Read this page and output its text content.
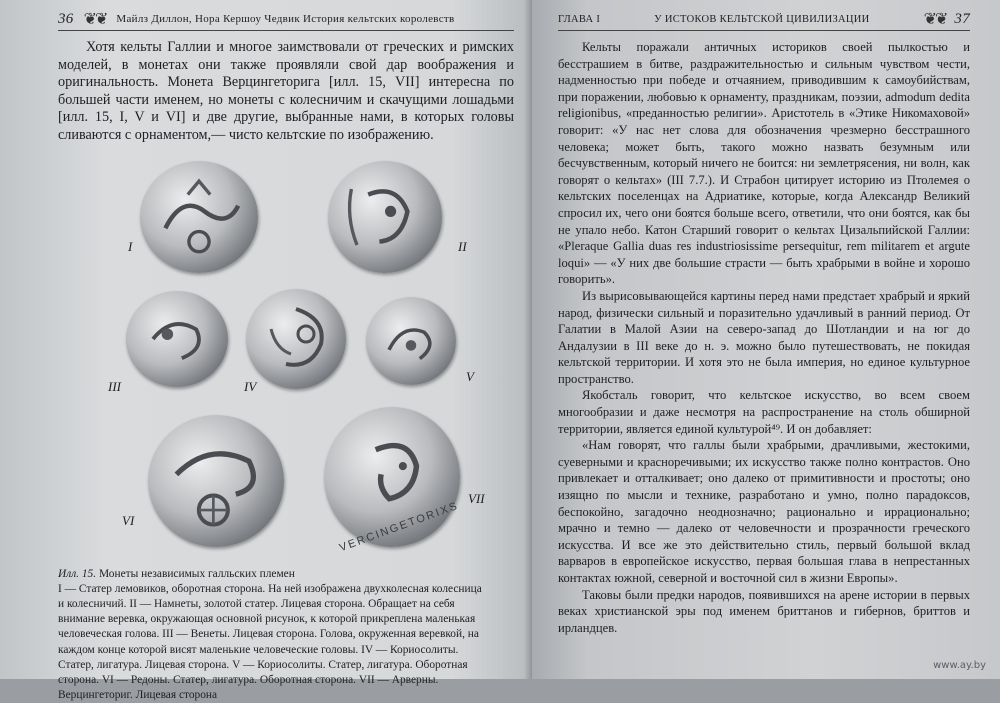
36 ❦❦ Майлз Диллон, Нора Кершоу Чедвик История кельтских королевств

Хотя кельты Галлии и многое заимствовали от греческих и римских моделей, в монетах они также проявляли свой дар воображения и оригинальность. Монета Верцингеторига [илл. 15, VII] интересна по большей части именем, но монеты с колесничим и скачущими лошадьми [илл. 15, I, V и VI] и две другие, выбранные нами, в которых головы сливаются с орнаментом,— чисто кельтские по изображению.

I	II
III	IV
V
VI	VERCINGETORIXS
VII

Илл. 15. Монеты независимых галльских племен

I — Статер лемовиков, оборотная сторона. На ней изображена двухколесная колесница и колесничий. II — Намнеты, золотой статер. Лицевая сторона. Обращает на себя внимание веревка, окружающая основной рисунок, к которой прикреплена маленькая человеческая голова. III — Венеты. Лицевая сторона. Голова, окруженная веревкой, на каждом конце которой висят маленькие человеческие головы. IV — Кориосолиты. Статер, лигатура. Лицевая сторона. V — Кориосолиты. Статер, лигатура. Оборотная сторона. VI — Редоны. Статер, лигатура. Оборотная сторона. VII — Арверны. Верцингеториг. Лицевая сторона

ГЛАВА I	У ИСТОКОВ КЕЛЬТСКОЙ ЦИВИЛИЗАЦИИ	❦❦ 37

Кельты поражали античных историков своей пылкостью и бесстрашием в битве, раздражительностью и сильным чувством чести, надменностью при победе и отчаянием, приводившим к самоубийствам, при поражении, любовью к орнаменту, праздникам, поэзии, admodum dedita religionibus, «преданностью религии». Аристотель в «Этике Никомаховой» говорит: «У нас нет слова для обозначения чрезмерно бесстрашного человека; может быть, такого можно назвать безумным или бесчувственным, который ничего не боится: ни землетрясения, ни волн, как говорят о кельтах» (III 7.7.). И Страбон цитирует историю из Птолемея о кельтских поселенцах на Адриатике, которые, когда Александр Великий спросил их, чего они боятся больше всего, ответили, что они боятся, как бы не упало небо. Катон Старший говорит о кельтах Цизальпийской Галлии: «Pleraque Gallia duas res industriosissime persequitur, rem militarem et argute loqui» — «У них две большие страсти — быть храбрыми в войне и хорошо говорить».

Из вырисовывающейся картины перед нами предстает храбрый и яркий народ, физически сильный и поразительно удачливый в ранний период. От Галатии в Малой Азии на северо-запад до Шотландии и на юг до Андалузии в III веке до н. э. можно было путешествовать, не покидая кельтской территории. И хотя это не была империя, но единое культурное пространство.

Якобсталь говорит, что кельтское искусство, во всем своем многообразии и даже несмотря на распространение на столь обширной территории, является единой культурой⁴⁹. И он добавляет:

«Нам говорят, что галлы были храбрыми, драчливыми, жестокими, суеверными и красноречивыми; их искусство также полно контрастов. Оно привлекает и отталкивает; оно далеко от примитивности и простоты; оно изящно по мысли и технике, разработано и умно, полно парадоксов, беспокойно, загадочно неоднозначно; рационально и иррационально; мрачно и темно — далеко от человечности и прозрачности греческого искусства. И все же это действительно стиль, первый большой вклад варваров в европейское искусство, первая большая глава в непрестанных контактах южной, северной и восточной сил в жизни Европы».

Таковы были предки народов, появившихся на арене истории в первых веках христианской эры под именем бриттанов и гибернов, бриттов и ирландцев.

www.ay.by
